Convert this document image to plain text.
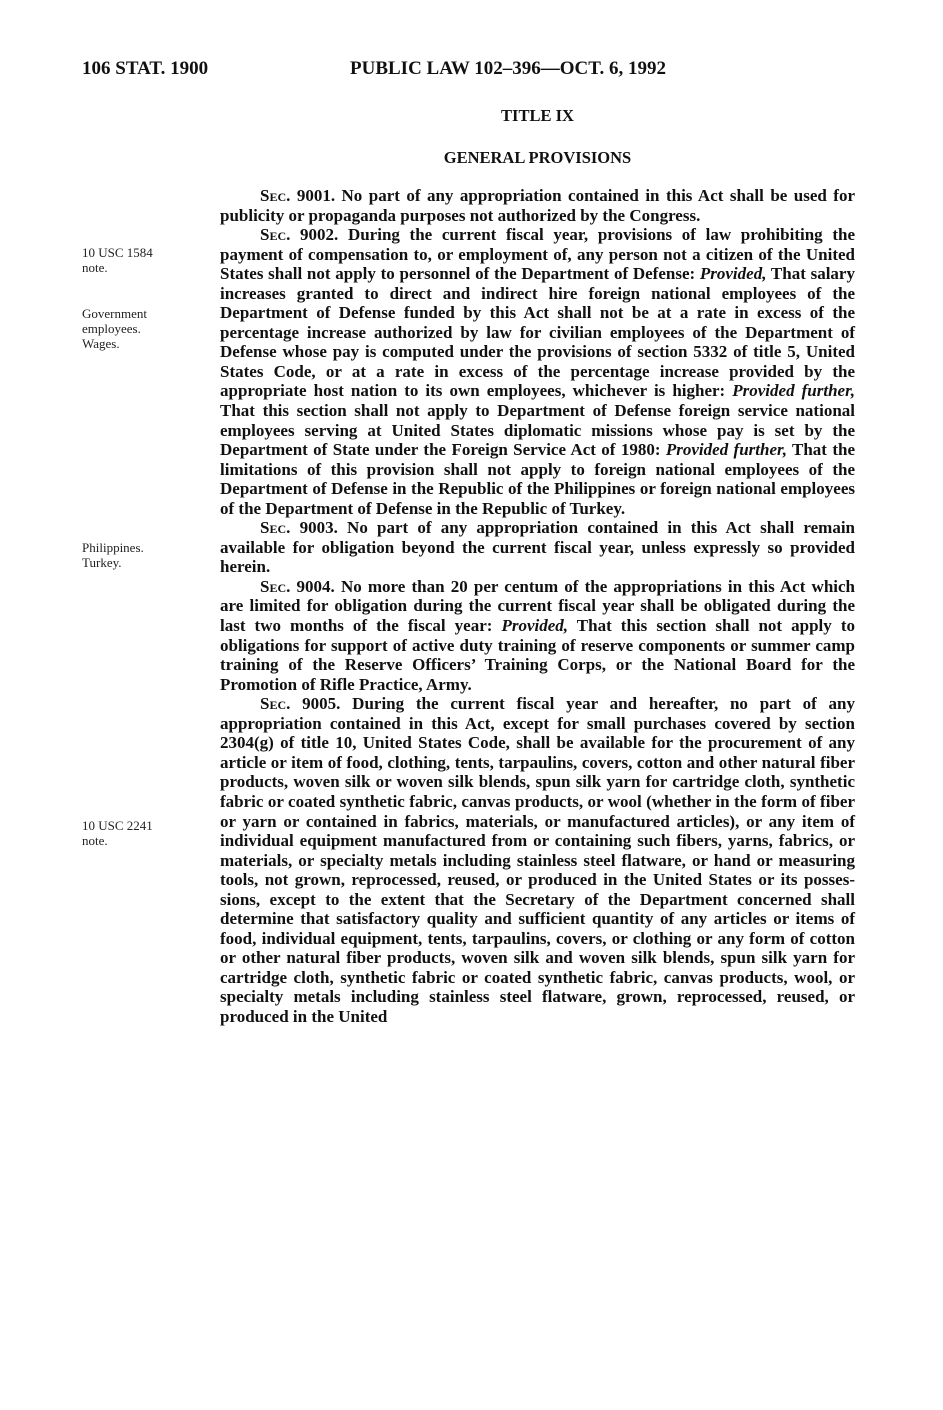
106 STAT. 1900	PUBLIC LAW 102–396—OCT. 6, 1992
TITLE IX
GENERAL PROVISIONS
10 USC 1584
note.
Government
employees.
Wages.
Philippines.
Turkey.
10 USC 2241
note.

Sec. 9001. No part of any appropriation contained in this Act shall be used for publicity or propaganda purposes not authorized by the Congress.

Sec. 9002. During the current fiscal year, provisions of law prohibiting the payment of compensation to, or employment of, any person not a citizen of the United States shall not apply to personnel of the Department of Defense: Provided, That salary increases granted to direct and indirect hire foreign national employees of the Department of Defense funded by this Act shall not be at a rate in excess of the percentage increase authorized by law for civilian employees of the Department of Defense whose pay is computed under the provisions of section 5332 of title 5, United States Code, or at a rate in excess of the percentage increase provided by the appropriate host nation to its own employees, whichever is higher: Provided further, That this section shall not apply to Department of Defense foreign service national employees serving at United States diplomatic missions whose pay is set by the Department of State under the Foreign Service Act of 1980: Provided further, That the limitations of this provision shall not apply to foreign national employees of the Department of Defense in the Republic of the Philippines or foreign national employees of the Department of Defense in the Republic of Turkey.

Sec. 9003. No part of any appropriation contained in this Act shall remain available for obligation beyond the current fiscal year, unless expressly so provided herein.

Sec. 9004. No more than 20 per centum of the appropriations in this Act which are limited for obligation during the current fiscal year shall be obligated during the last two months of the fiscal year: Provided, That this section shall not apply to obligations for support of active duty training of reserve components or summer camp training of the Reserve Officers’ Training Corps, or the National Board for the Promotion of Rifle Practice, Army.

Sec. 9005. During the current fiscal year and hereafter, no part of any appropriation contained in this Act, except for small purchases covered by section 2304(g) of title 10, United States Code, shall be available for the procurement of any article or item of food, clothing, tents, tarpaulins, covers, cotton and other natural fiber products, woven silk or woven silk blends, spun silk yarn for cartridge cloth, synthetic fabric or coated synthetic fabric, canvas products, or wool (whether in the form of fiber or yarn or contained in fabrics, materials, or manufactured articles), or any item of individual equipment manufactured from or containing such fibers, yarns, fabrics, or materials, or specialty metals including stainless steel flatware, or hand or measuring tools, not grown, reprocessed, reused, or produced in the United States or its possessions, except to the extent that the Secretary of the Department concerned shall determine that satisfactory quality and sufficient quantity of any articles or items of food, individual equipment, tents, tarpaulins, covers, or clothing or any form of cotton or other natural fiber products, woven silk and woven silk blends, spun silk yarn for cartridge cloth, synthetic fabric or coated synthetic fabric, canvas products, wool, or specialty metals including stainless steel flatware, grown, reprocessed, reused, or produced in the United
